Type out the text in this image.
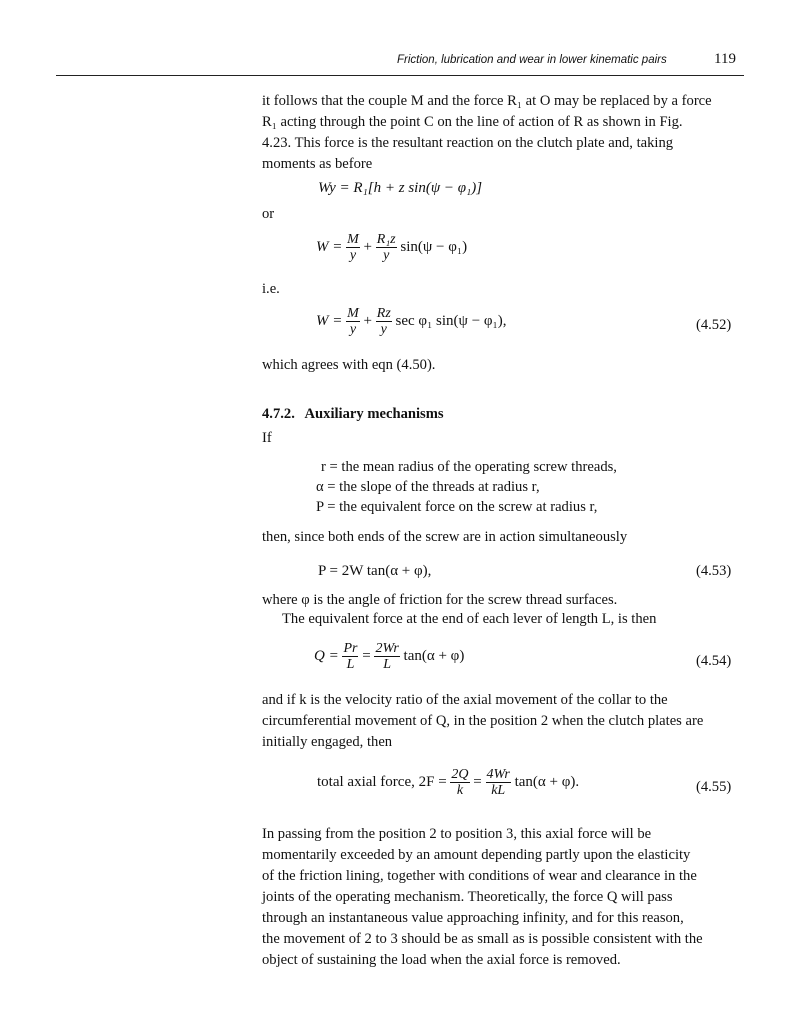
Friction, lubrication and wear in lower kinematic pairs	119
it follows that the couple M and the force R₁ at O may be replaced by a force
R₁ acting through the point C on the line of action of R as shown in Fig.
4.23. This force is the resultant reaction on the clutch plate and, taking
moments as before
Wy = R₁[h + z sin(ψ − φ₁)]
or
$W = \frac{M}{y} + \frac{\text{R₁z}}{y} \sin(\psi - \varphi_1)$
i.e.
$W = \frac{M}{y} + \frac{Rz}{y}$ sec φ₁ sin(ψ − φ₁),	(4.52)
which agrees with eqn (4.50).
4.7.2. Auxiliary mechanisms
If
r = the mean radius of the operating screw threads,
α = the slope of the threads at radius r,
P = the equivalent force on the screw at radius r,
then, since both ends of the screw are in action simultaneously
P = 2W tan(α + φ),	(4.53)
where φ is the angle of friction for the screw thread surfaces.
The equivalent force at the end of each lever of length L, is then
$Q = \frac{Pr}{L} = \frac{2Wr}{L} \tan(\alpha + \varphi)$	(4.54)
and if k is the velocity ratio of the axial movement of the collar to the
circumferential movement of Q, in the position 2 when the clutch plates are
initially engaged, then
total axial force, $2F = \frac{2Q}{k} = \frac{4Wr}{kL} \tan(\alpha + \varphi)$.	(4.55)
In passing from the position 2 to position 3, this axial force will be
momentarily exceeded by an amount depending partly upon the elasticity
of the friction lining, together with conditions of wear and clearance in the
joints of the operating mechanism. Theoretically, the force Q will pass
through an instantaneous value approaching infinity, and for this reason,
the movement of 2 to 3 should be as small as is possible consistent with the
object of sustaining the load when the axial force is removed.
